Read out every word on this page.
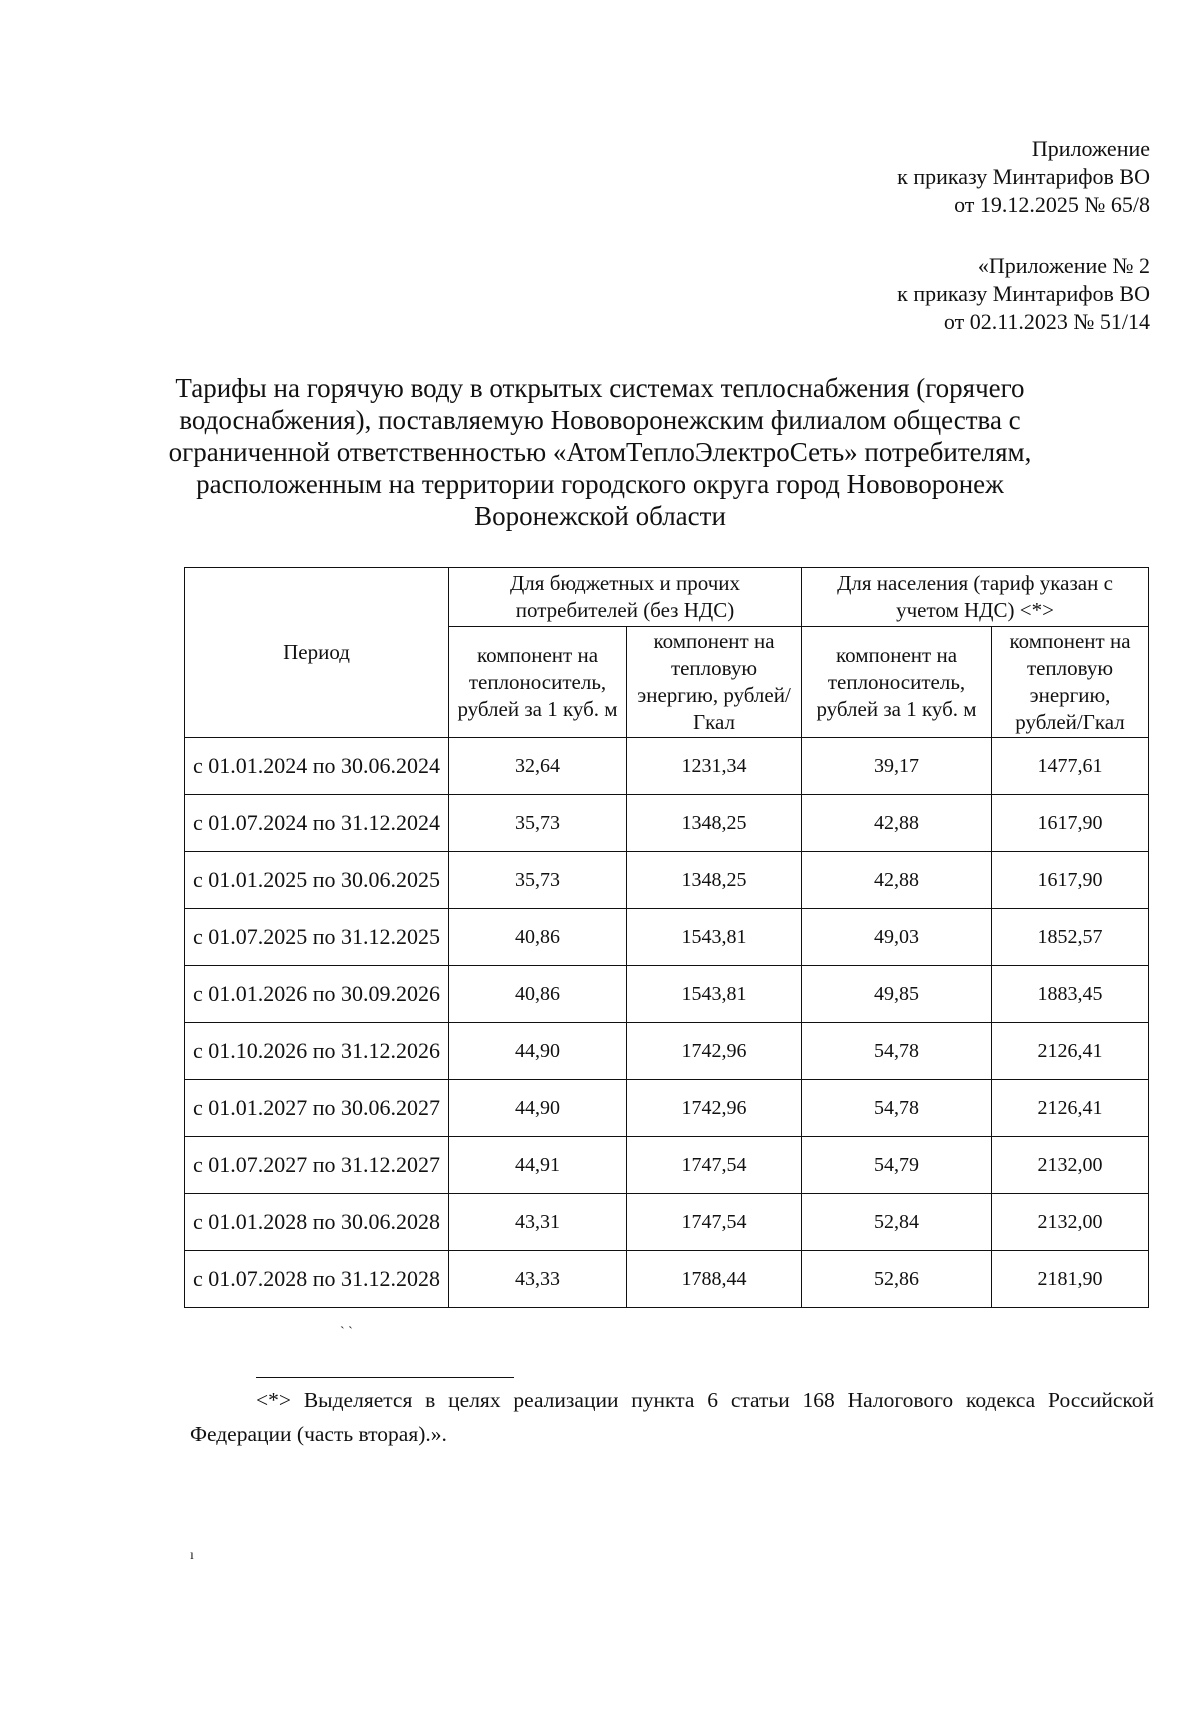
Приложение
к приказу Минтарифов ВО
от 19.12.2025 № 65/8
«Приложение № 2
к приказу Минтарифов ВО
от 02.11.2023 № 51/14
Тарифы на горячую воду в открытых системах теплоснабжения (горячего
водоснабжения), поставляемую Нововоронежским филиалом общества с
ограниченной ответственностью «АтомТеплоЭлектроСеть» потребителям,
расположенным на территории городского округа город Нововоронеж
Воронежской области
Период	Для бюджетных и прочих потребителей (без НДС)		Для населения (тариф указан с учетом НДС) <*>	
	компонент на теплоноситель, рублей за 1 куб. м	компонент на тепловую энергию, рублей/Гкал	компонент на теплоноситель, рублей за 1 куб. м	компонент на тепловую энергию, рублей/Гкал
с 01.01.2024 по 30.06.2024	32,64	1231,34	39,17	1477,61
с 01.07.2024 по 31.12.2024	35,73	1348,25	42,88	1617,90
с 01.01.2025 по 30.06.2025	35,73	1348,25	42,88	1617,90
с 01.07.2025 по 31.12.2025	40,86	1543,81	49,03	1852,57
с 01.01.2026 по 30.09.2026	40,86	1543,81	49,85	1883,45
с 01.10.2026 по 31.12.2026	44,90	1742,96	54,78	2126,41
с 01.01.2027 по 30.06.2027	44,90	1742,96	54,78	2126,41
с 01.07.2027 по 31.12.2027	44,91	1747,54	54,79	2132,00
с 01.01.2028 по 30.06.2028	43,31	1747,54	52,84	2132,00
с 01.07.2028 по 31.12.2028	43,33	1788,44	52,86	2181,90
ˋ ˋ
<*> Выделяется в целях реализации пункта 6 статьи 168 Налогового кодекса Российской Федерации (часть вторая).».
ı
